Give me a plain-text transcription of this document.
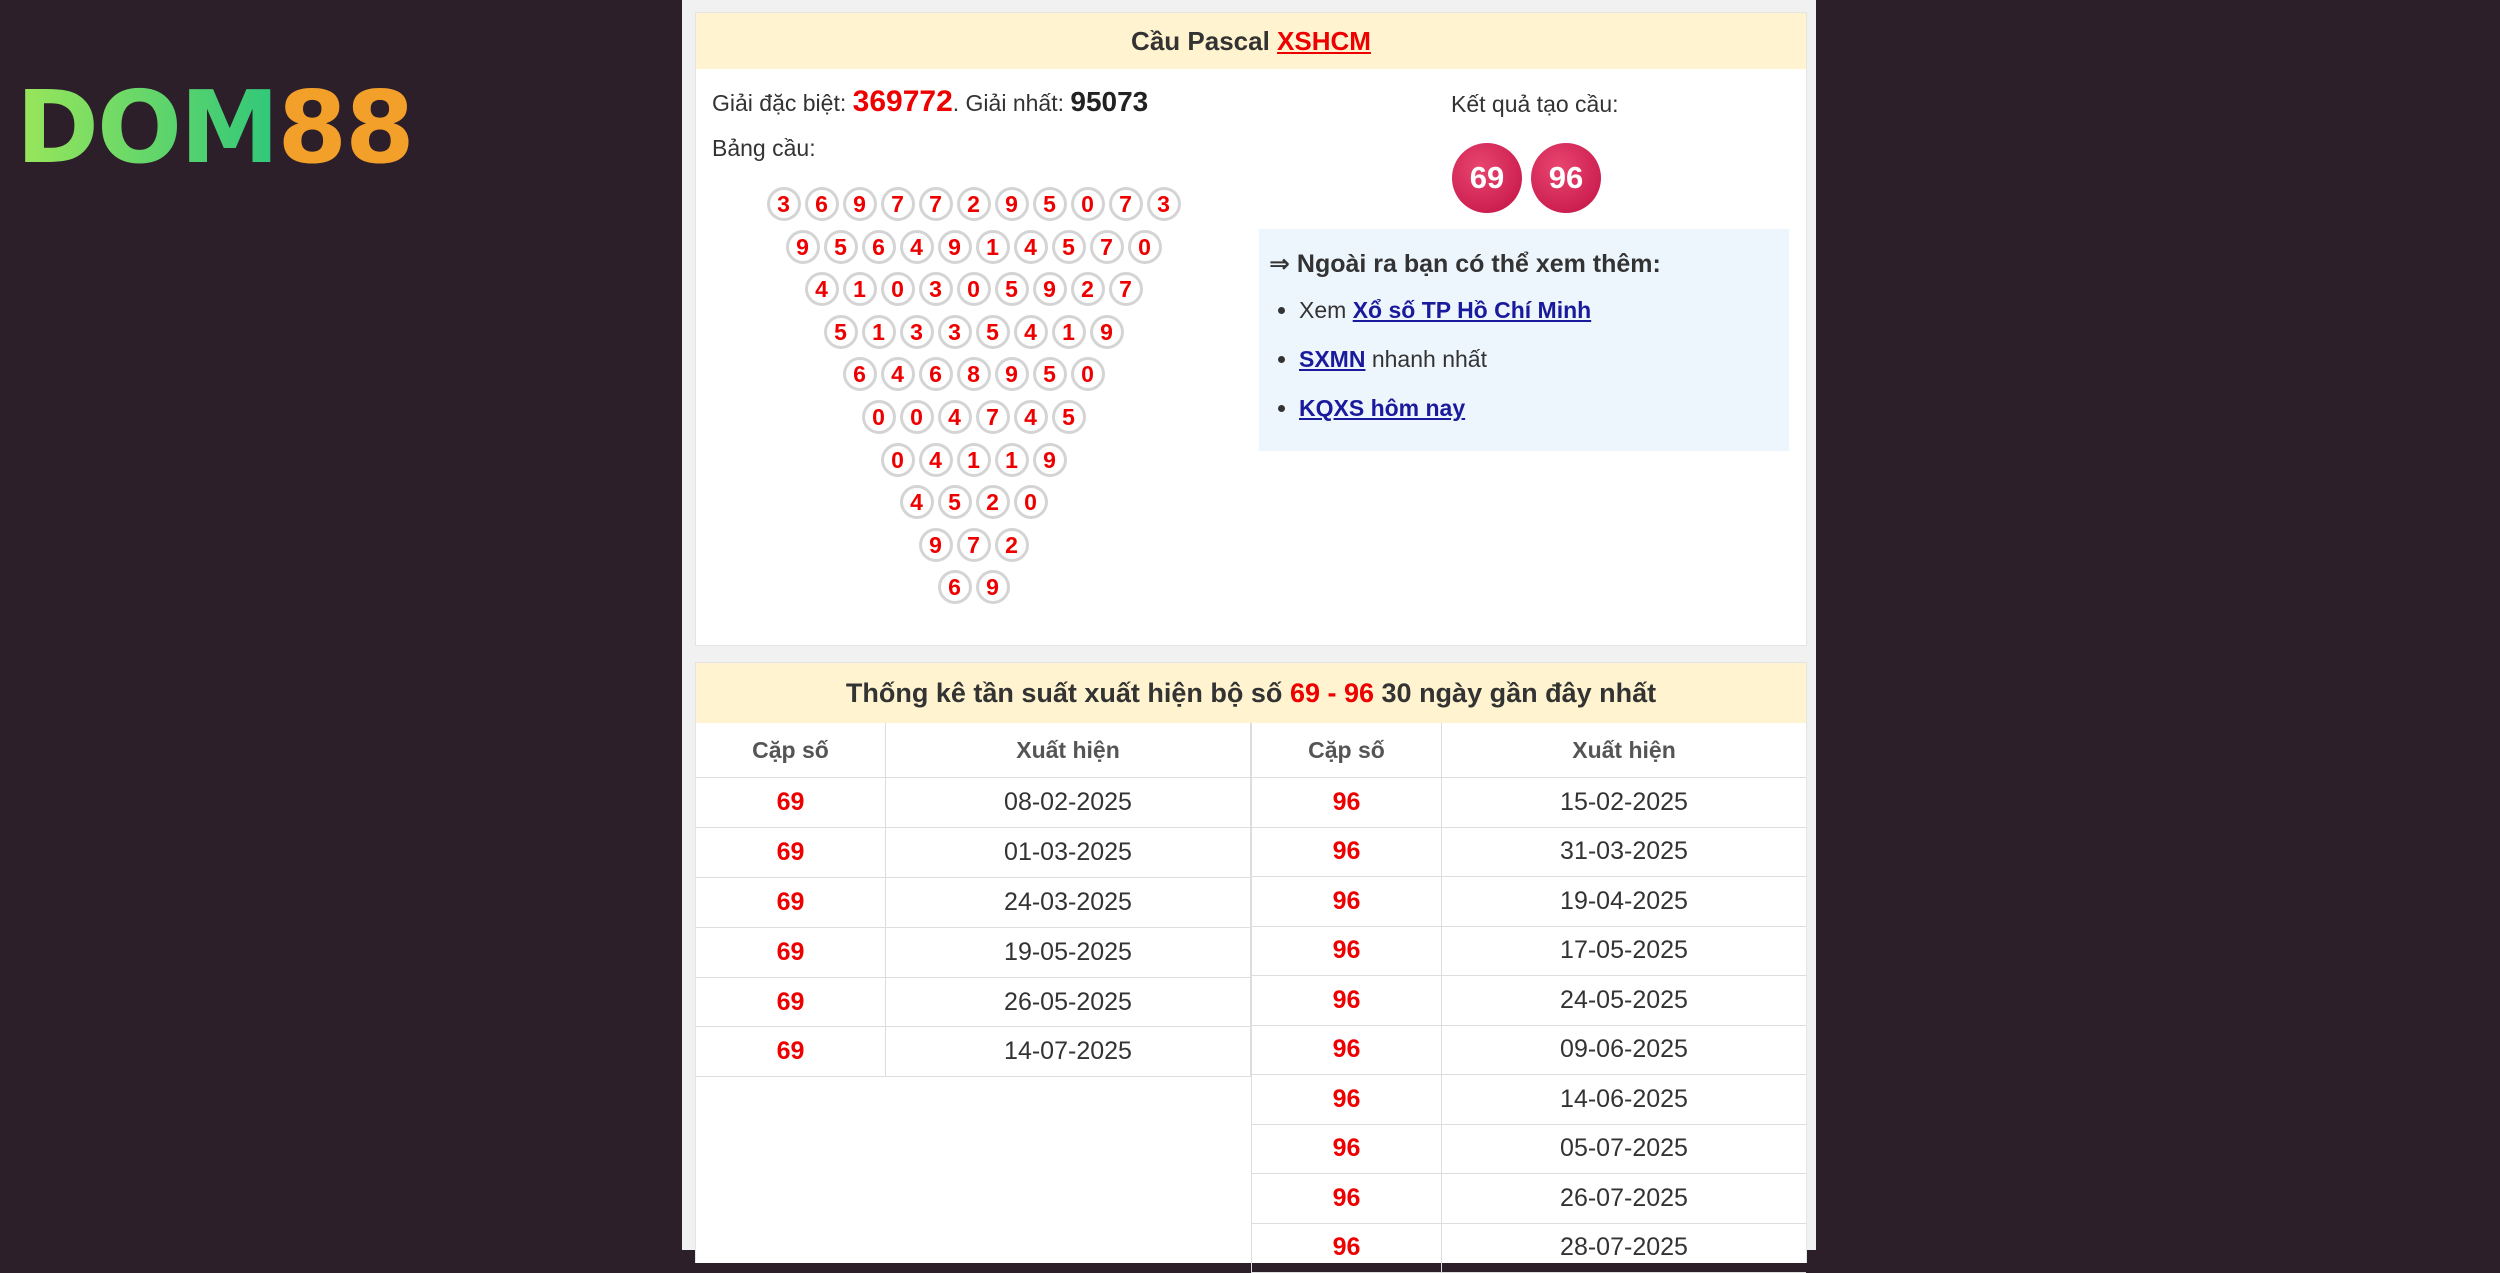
DOM88
Cầu Pascal XSHCM
Giải đặc biệt: 369772. Giải nhất: 95073
Bảng cầu:
3	6	9	7	7	2	9	5	0	7	3
9	5	6	4	9	1	4	5	7	0
4	1	0	3	0	5	9	2	7
5	1	3	3	5	4	1	9
6	4	6	8	9	5	0
0	0	4	7	4	5
0	4	1	1	9
4	5	2	0
9	7	2
6	9
Kết quả tạo cầu:
69	96
⇒ Ngoài ra bạn có thể xem thêm:
• Xem Xổ số TP Hồ Chí Minh
• SXMN nhanh nhất
• KQXS hôm nay
Thống kê tần suất xuất hiện bộ số 69 - 96 30 ngày gần đây nhất
Cặp số	Xuất hiện
69	08-02-2025
69	01-03-2025
69	24-03-2025
69	19-05-2025
69	26-05-2025
69	14-07-2025

Cặp số	Xuất hiện
96	15-02-2025
96	31-03-2025
96	19-04-2025
96	17-05-2025
96	24-05-2025
96	09-06-2025
96	14-06-2025
96	05-07-2025
96	26-07-2025
96	28-07-2025
